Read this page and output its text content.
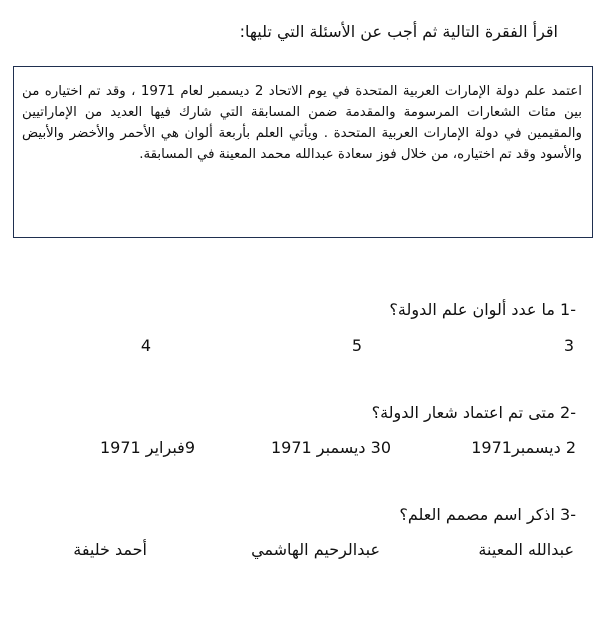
اقرأ الفقرة التالية ثم أجب عن الأسئلة التي تليها:
اعتمد علم دولة الإمارات العربية المتحدة في يوم الاتحاد 2 ديسمبر لعام 1971 ، وقد تم اختياره من بين مئات الشعارات المرسومة والمقدمة ضمن المسابقة التي شارك فيها العديد من الإماراتيين والمقيمين في دولة الإمارات العربية المتحدة . ويأتي العلم بأربعة ألوان هي الأحمر والأخضر والأبيض والأسود وقد تم اختياره، من خلال فوز سعادة عبدالله محمد المعينة في المسابقة.
1- ما عدد ألوان علم الدولة؟
3
5
4
2- متى تم اعتماد شعار الدولة؟
2 ديسمبر1971
30 ديسمبر 1971
9فبراير 1971
3- اذكر اسم مصمم العلم؟
عبدالله المعينة
عبدالرحيم الهاشمي
أحمد خليفة
